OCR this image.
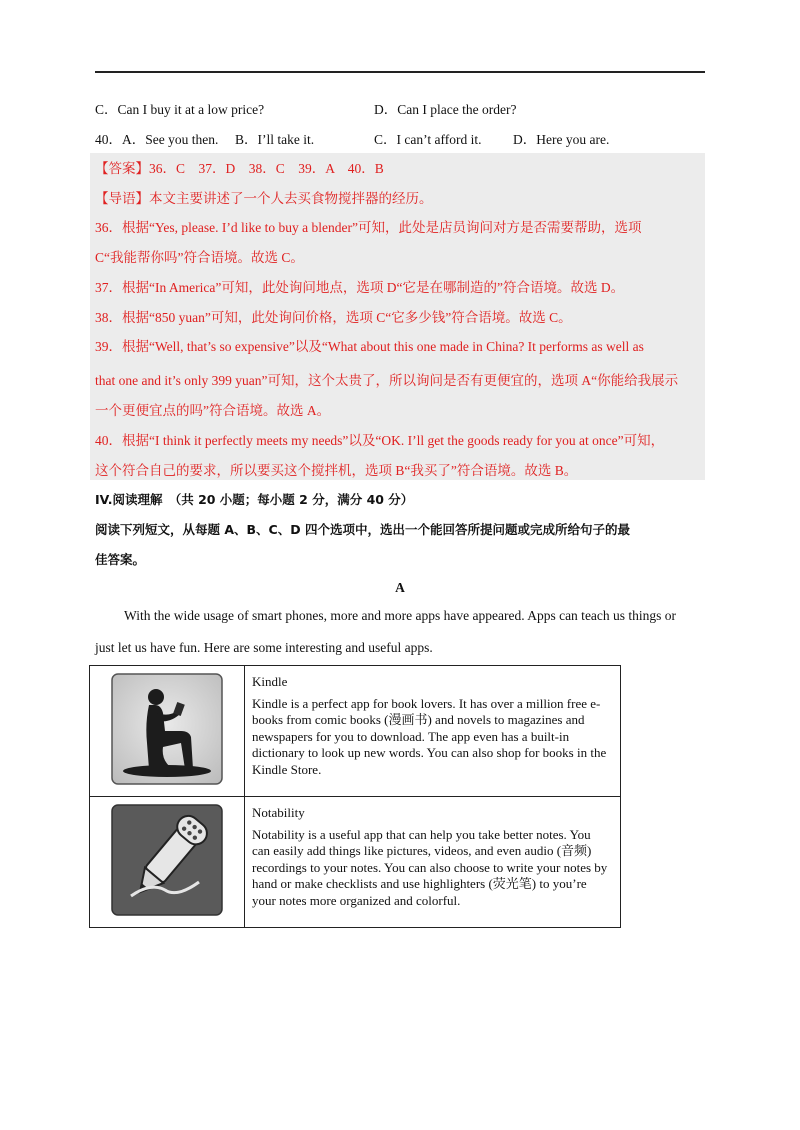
C．Can I buy it at a low price?	D．Can I place the order?
40．A．See you then. B．I’ll take it.	C．I can’t afford it. D．Here you are.
【答案】36．C　37．D　38．C　39．A　40．B
【导语】本文主要讲述了一个人去买食物搅拌器的经历。
36．根据“Yes, please. I’d like to buy a blender”可知，此处是店员询问对方是否需要帮助，选项
C“我能帮你吗”符合语境。故选 C。
37．根据“In America”可知，此处询问地点，选项 D“它是在哪制造的”符合语境。故选 D。
38．根据“850 yuan”可知，此处询问价格，选项 C“它多少钱”符合语境。故选 C。
39．根据“Well, that’s so expensive”以及“What about this one made in China? It performs as well as
that one and it’s only 399 yuan”可知，这个太贵了，所以询问是否有更便宜的，选项 A“你能给我展示
一个更便宜点的吗”符合语境。故选 A。
40．根据“I think it perfectly meets my needs”以及“OK. I’ll get the goods ready for you at once”可知，
这个符合自己的要求，所以要买这个搅拌机，选项 B“我买了”符合语境。故选 B。
IV.阅读理解　（共 20 小题；每小题 2 分，满分 40 分）
阅读下列短文，从每题 A、B、C、D 四个选项中，选出一个能回答所提问题或完成所给句子的最
佳答案。
A
With the wide usage of smart phones, more and more apps have appeared. Apps can teach us things or
just let us have fun. Here are some interesting and useful apps.

Kindle
Kindle is a perfect app for book lovers. It has over a million free e-books from comic books (漫画书) and novels to magazines and newspapers for you to download. The app even has a built-in dictionary to look up new words. You can also shop for books in the Kindle Store.

Notability
Notability is a useful app that can help you take better notes. You can easily add things like pictures, videos, and even audio (音频) recordings to your notes. You can also choose to write your notes by hand or make checklists and use highlighters (荧光笔) to you’re your notes more organized and colorful.
